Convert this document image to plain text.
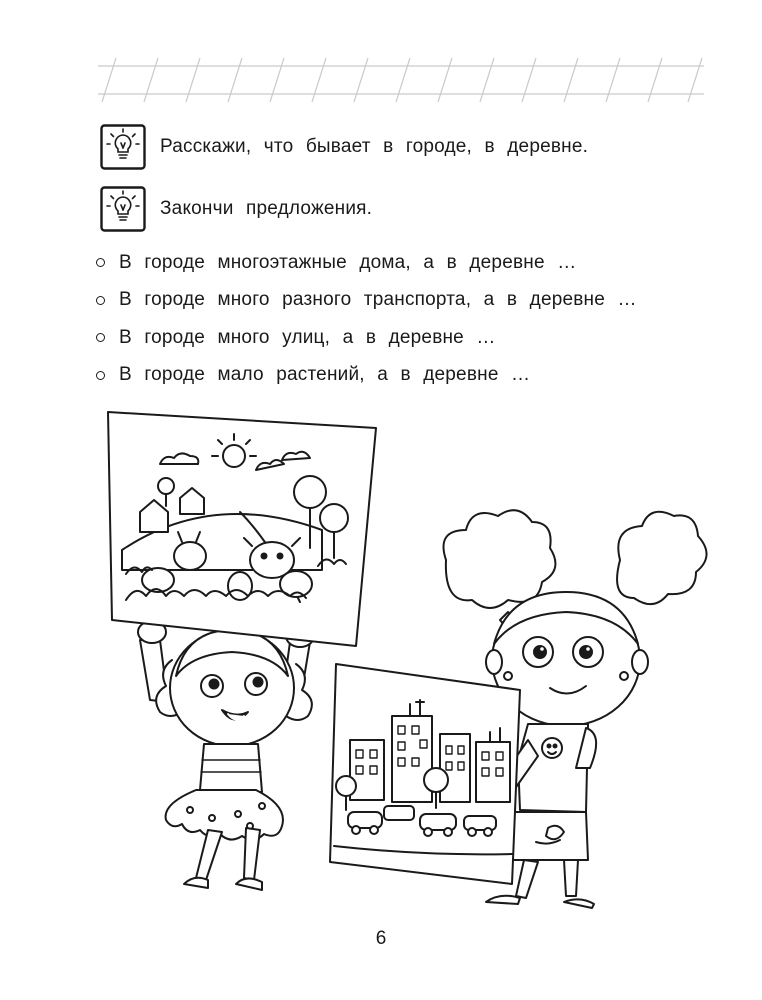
Расскажи, что бывает в городе, в деревне.
Закончи предложения.
В городе многоэтажные дома, а в деревне …
В городе много разного транспорта, а в деревне …
В городе много улиц, а в деревне …
В городе мало растений, а в деревне …
6
